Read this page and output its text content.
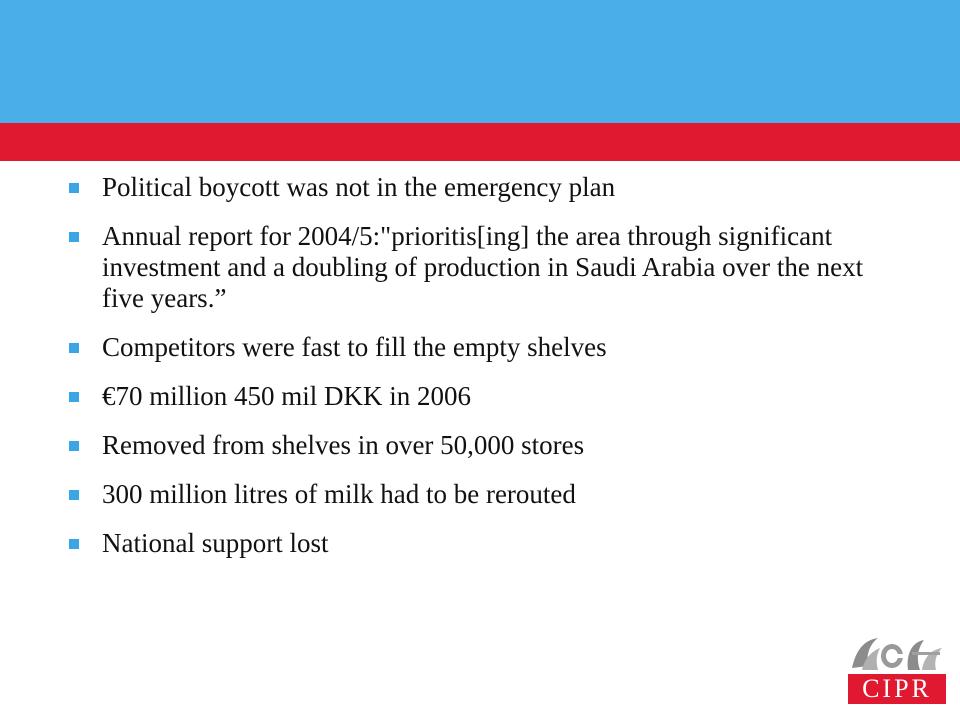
Political boycott was not in the emergency plan
Annual report for 2004/5:"prioritis[ing] the area through significant investment and a doubling of production in Saudi Arabia over the next five years.”
Competitors were fast to fill the empty shelves
€70 million 450 mil DKK in 2006
Removed from shelves in over 50,000 stores
300 million litres of milk had to be rerouted
National support lost
CIPR
